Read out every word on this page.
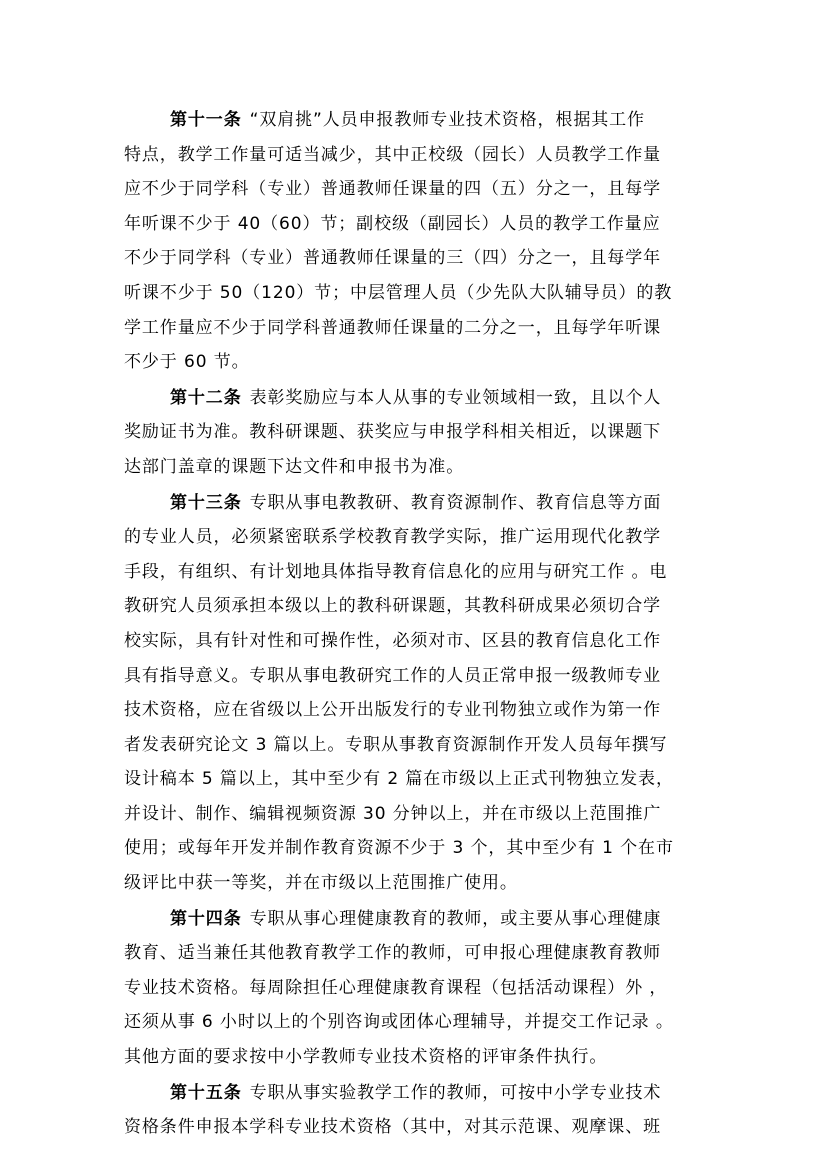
第十一条 “双肩挑”人员申报教师专业技术资格，根据其工作
特点，教学工作量可适当减少，其中正校级（园长）人员教学工作量
应不少于同学科（专业）普通教师任课量的四（五）分之一，且每学
年听课不少于 40（60）节；副校级（副园长）人员的教学工作量应
不少于同学科（专业）普通教师任课量的三（四）分之一，且每学年
听课不少于 50（120）节；中层管理人员（少先队大队辅导员）的教
学工作量应不少于同学科普通教师任课量的二分之一，且每学年听课
不少于 60 节。
第十二条 表彰奖励应与本人从事的专业领域相一致，且以个人
奖励证书为准。教科研课题、获奖应与申报学科相关相近，以课题下
达部门盖章的课题下达文件和申报书为准。
第十三条 专职从事电教教研、教育资源制作、教育信息等方面
的专业人员，必须紧密联系学校教育教学实际，推广运用现代化教学
手段，有组织、有计划地具体指导教育信息化的应用与研究工作 。电
教研究人员须承担本级以上的教科研课题，其教科研成果必须切合学
校实际，具有针对性和可操作性，必须对市、区县的教育信息化工作
具有指导意义。专职从事电教研究工作的人员正常申报一级教师专业
技术资格，应在省级以上公开出版发行的专业刊物独立或作为第一作
者发表研究论文 3 篇以上。专职从事教育资源制作开发人员每年撰写
设计稿本 5 篇以上，其中至少有 2 篇在市级以上正式刊物独立发表，
并设计、制作、编辑视频资源 30 分钟以上，并在市级以上范围推广
使用；或每年开发并制作教育资源不少于 3 个，其中至少有 1 个在市
级评比中获一等奖，并在市级以上范围推广使用。
第十四条 专职从事心理健康教育的教师，或主要从事心理健康
教育、适当兼任其他教育教学工作的教师，可申报心理健康教育教师
专业技术资格。每周除担任心理健康教育课程（包括活动课程）外 ，
还须从事 6 小时以上的个别咨询或团体心理辅导，并提交工作记录 。
其他方面的要求按中小学教师专业技术资格的评审条件执行。
第十五条 专职从事实验教学工作的教师，可按中小学专业技术
资格条件申报本学科专业技术资格（其中，对其示范课、观摩课、班
